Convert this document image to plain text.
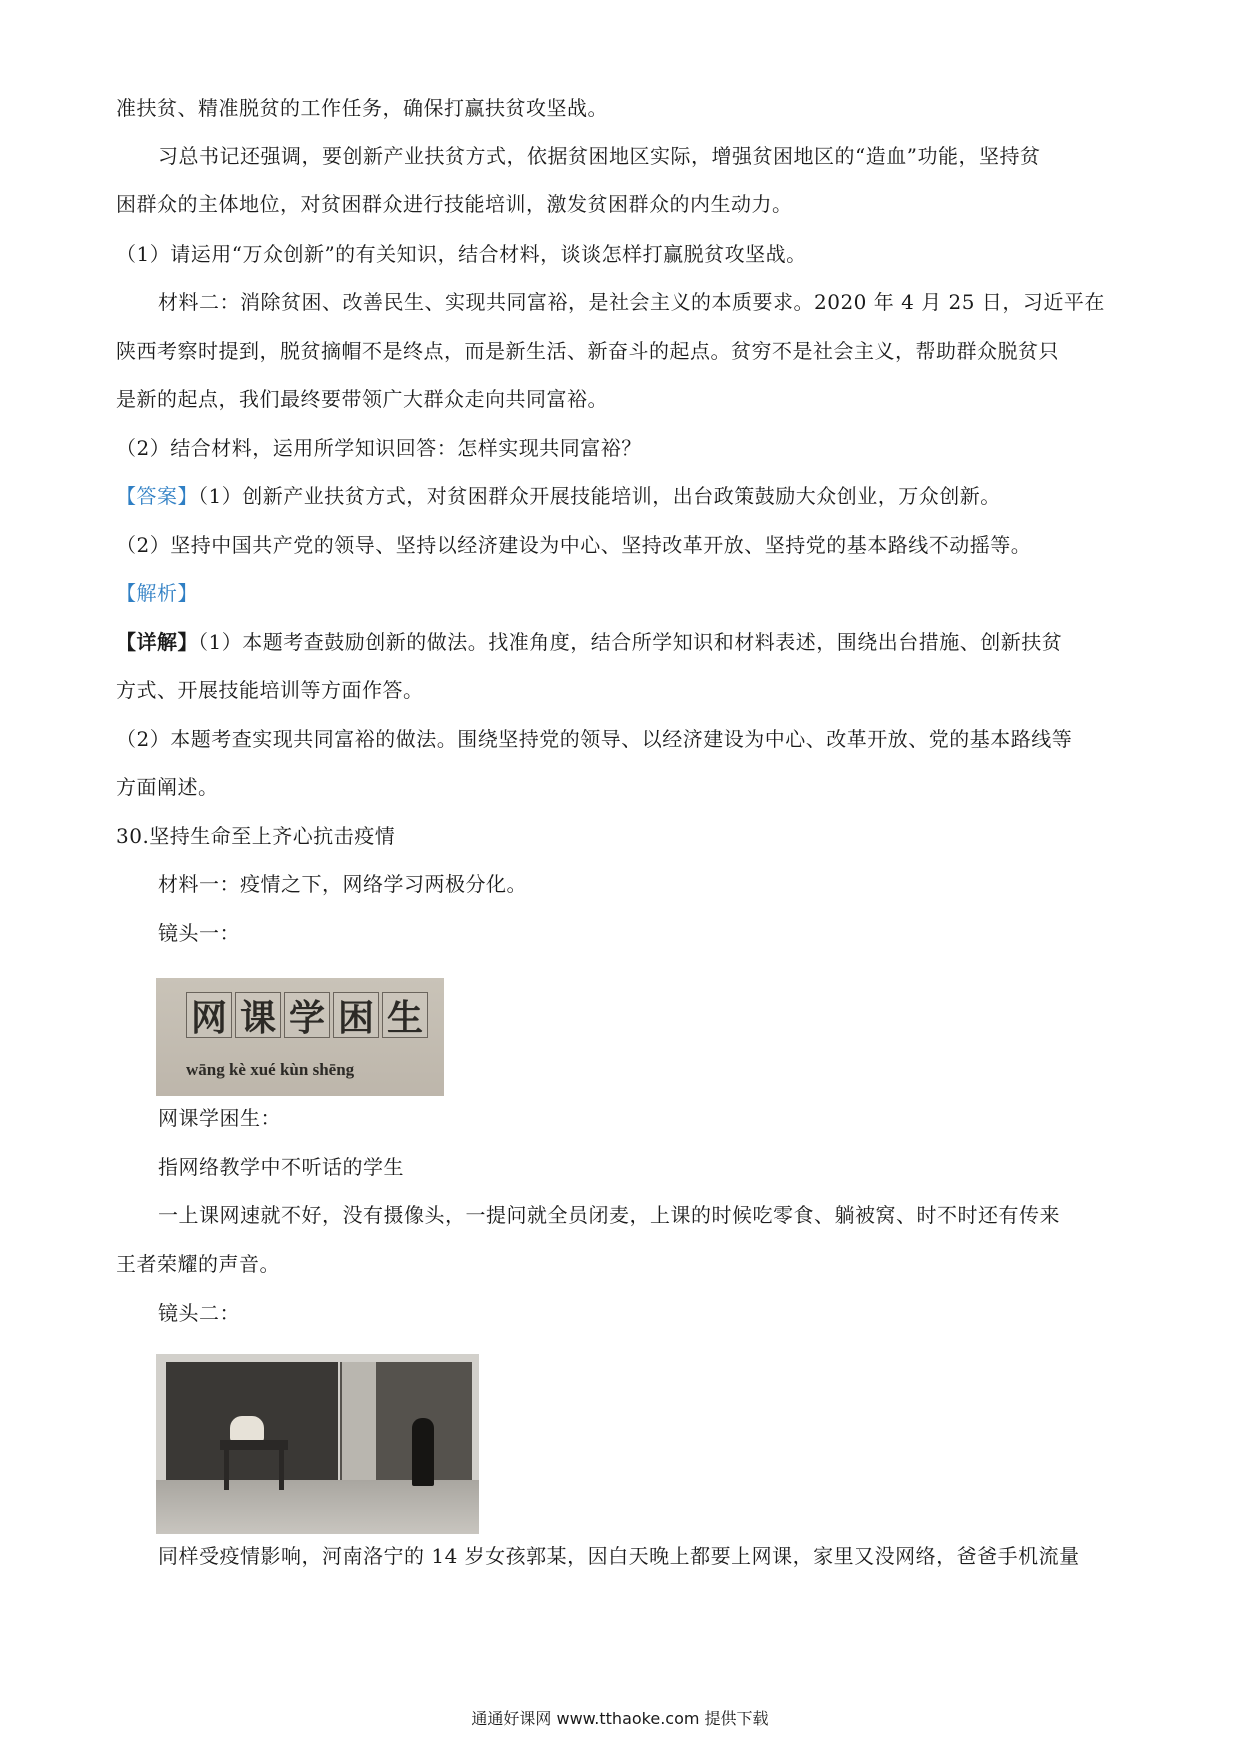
准扶贫、精准脱贫的工作任务，确保打赢扶贫攻坚战。
习总书记还强调，要创新产业扶贫方式，依据贫困地区实际，增强贫困地区的“造血”功能，坚持贫
困群众的主体地位，对贫困群众进行技能培训，激发贫困群众的内生动力。
（1）请运用“万众创新”的有关知识，结合材料，谈谈怎样打赢脱贫攻坚战。
材料二：消除贫困、改善民生、实现共同富裕，是社会主义的本质要求。2020 年 4 月 25 日，习近平在
陕西考察时提到，脱贫摘帽不是终点，而是新生活、新奋斗的起点。贫穷不是社会主义，帮助群众脱贫只
是新的起点，我们最终要带领广大群众走向共同富裕。
（2）结合材料，运用所学知识回答：怎样实现共同富裕？
【答案】（1）创新产业扶贫方式，对贫困群众开展技能培训，出台政策鼓励大众创业，万众创新。
（2）坚持中国共产党的领导、坚持以经济建设为中心、坚持改革开放、坚持党的基本路线不动摇等。
【解析】
【详解】（1）本题考查鼓励创新的做法。找准角度，结合所学知识和材料表述，围绕出台措施、创新扶贫
方式、开展技能培训等方面作答。
（2）本题考查实现共同富裕的做法。围绕坚持党的领导、以经济建设为中心、改革开放、党的基本路线等
方面阐述。
30.坚持生命至上齐心抗击疫情
材料一：疫情之下，网络学习两极分化。
镜头一：
网 课 学 困 生
wāng kè xué kùn shēng
网课学困生：
指网络教学中不听话的学生
一上课网速就不好，没有摄像头，一提问就全员闭麦，上课的时候吃零食、躺被窝、时不时还有传来
王者荣耀的声音。
镜头二：
同样受疫情影响，河南洛宁的 14 岁女孩郭某，因白天晚上都要上网课，家里又没网络，爸爸手机流量
通通好课网 www.tthaoke.com 提供下载
